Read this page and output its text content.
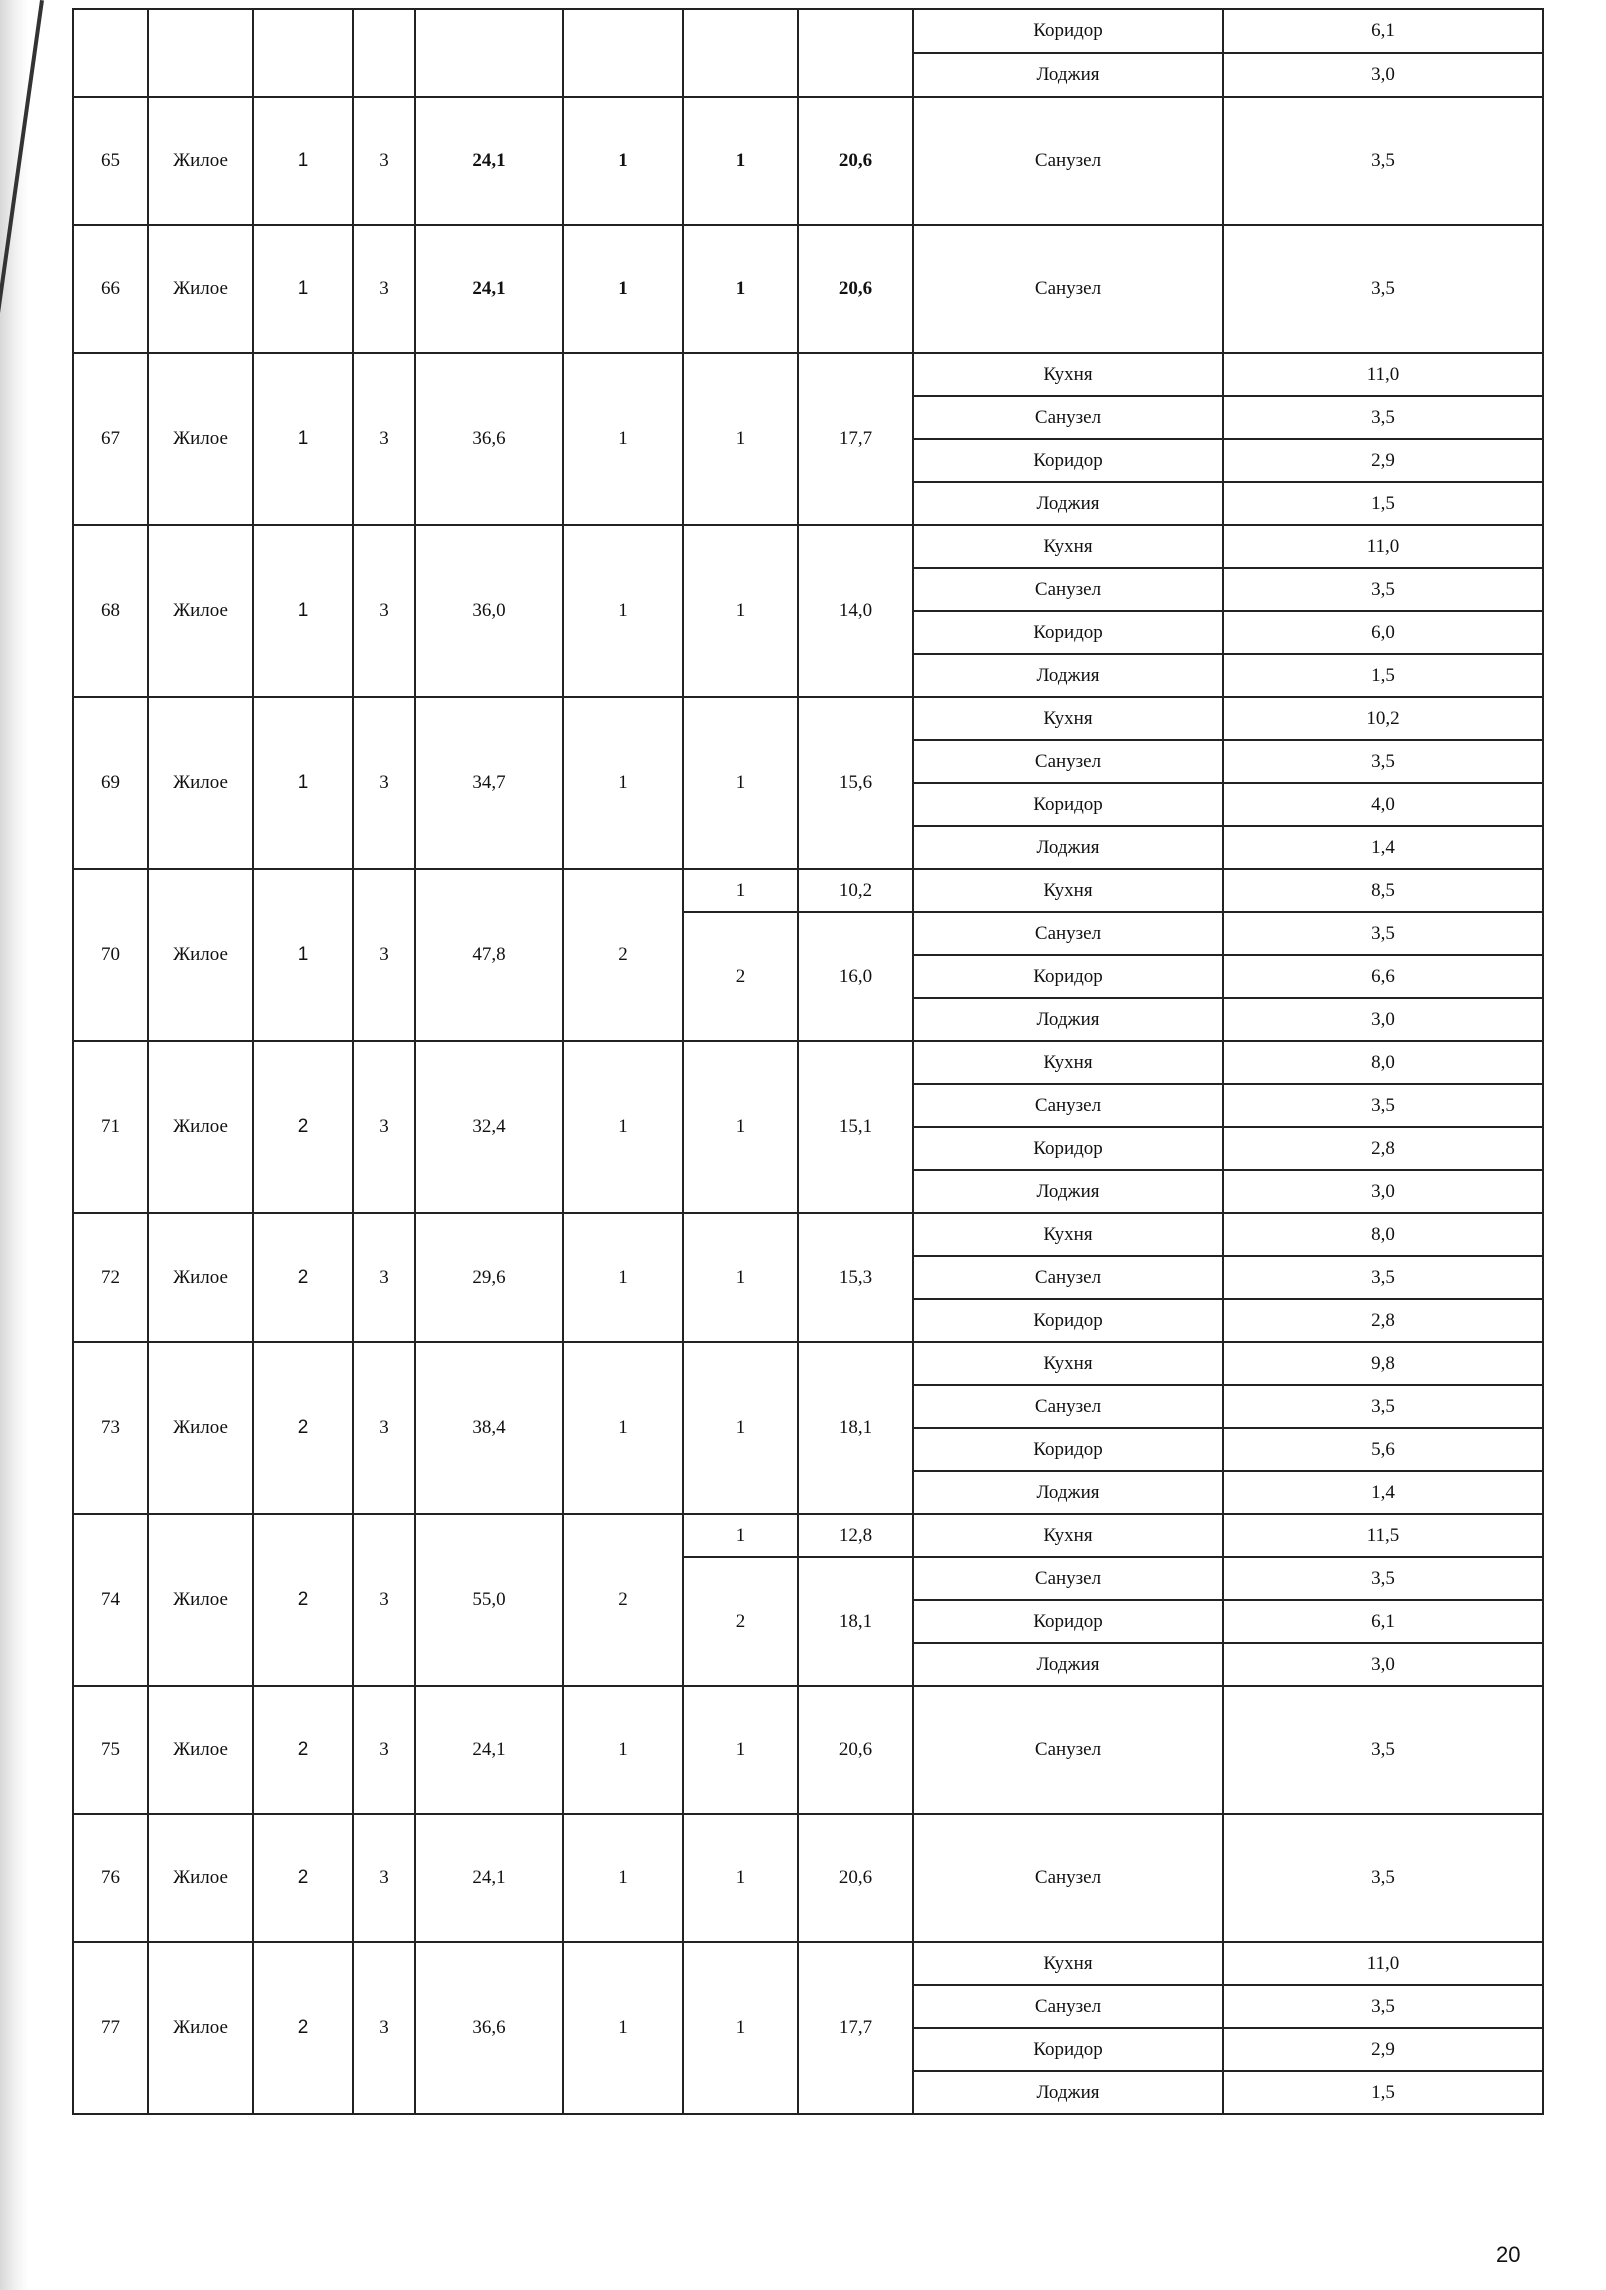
								Коридор	6,1
								Лоджия	3,0
65	Жилое	1	3	24,1	1	1	20,6	Санузел	3,5
66	Жилое	1	3	24,1	1	1	20,6	Санузел	3,5
67	Жилое	1	3	36,6	1	1	17,7	Кухня	11,0
								Санузел	3,5
								Коридор	2,9
								Лоджия	1,5
68	Жилое	1	3	36,0	1	1	14,0	Кухня	11,0
								Санузел	3,5
								Коридор	6,0
								Лоджия	1,5
69	Жилое	1	3	34,7	1	1	15,6	Кухня	10,2
								Санузел	3,5
								Коридор	4,0
								Лоджия	1,4
70	Жилое	1	3	47,8	2	1	10,2	Кухня	8,5
						2	16,0	Санузел	3,5
								Коридор	6,6
								Лоджия	3,0
71	Жилое	2	3	32,4	1	1	15,1	Кухня	8,0
								Санузел	3,5
								Коридор	2,8
								Лоджия	3,0
72	Жилое	2	3	29,6	1	1	15,3	Кухня	8,0
								Санузел	3,5
								Коридор	2,8
73	Жилое	2	3	38,4	1	1	18,1	Кухня	9,8
								Санузел	3,5
								Коридор	5,6
								Лоджия	1,4
74	Жилое	2	3	55,0	2	1	12,8	Кухня	11,5
						2	18,1	Санузел	3,5
								Коридор	6,1
								Лоджия	3,0
75	Жилое	2	3	24,1	1	1	20,6	Санузел	3,5
76	Жилое	2	3	24,1	1	1	20,6	Санузел	3,5
77	Жилое	2	3	36,6	1	1	17,7	Кухня	11,0
								Санузел	3,5
								Коридор	2,9
								Лоджия	1,5
20
